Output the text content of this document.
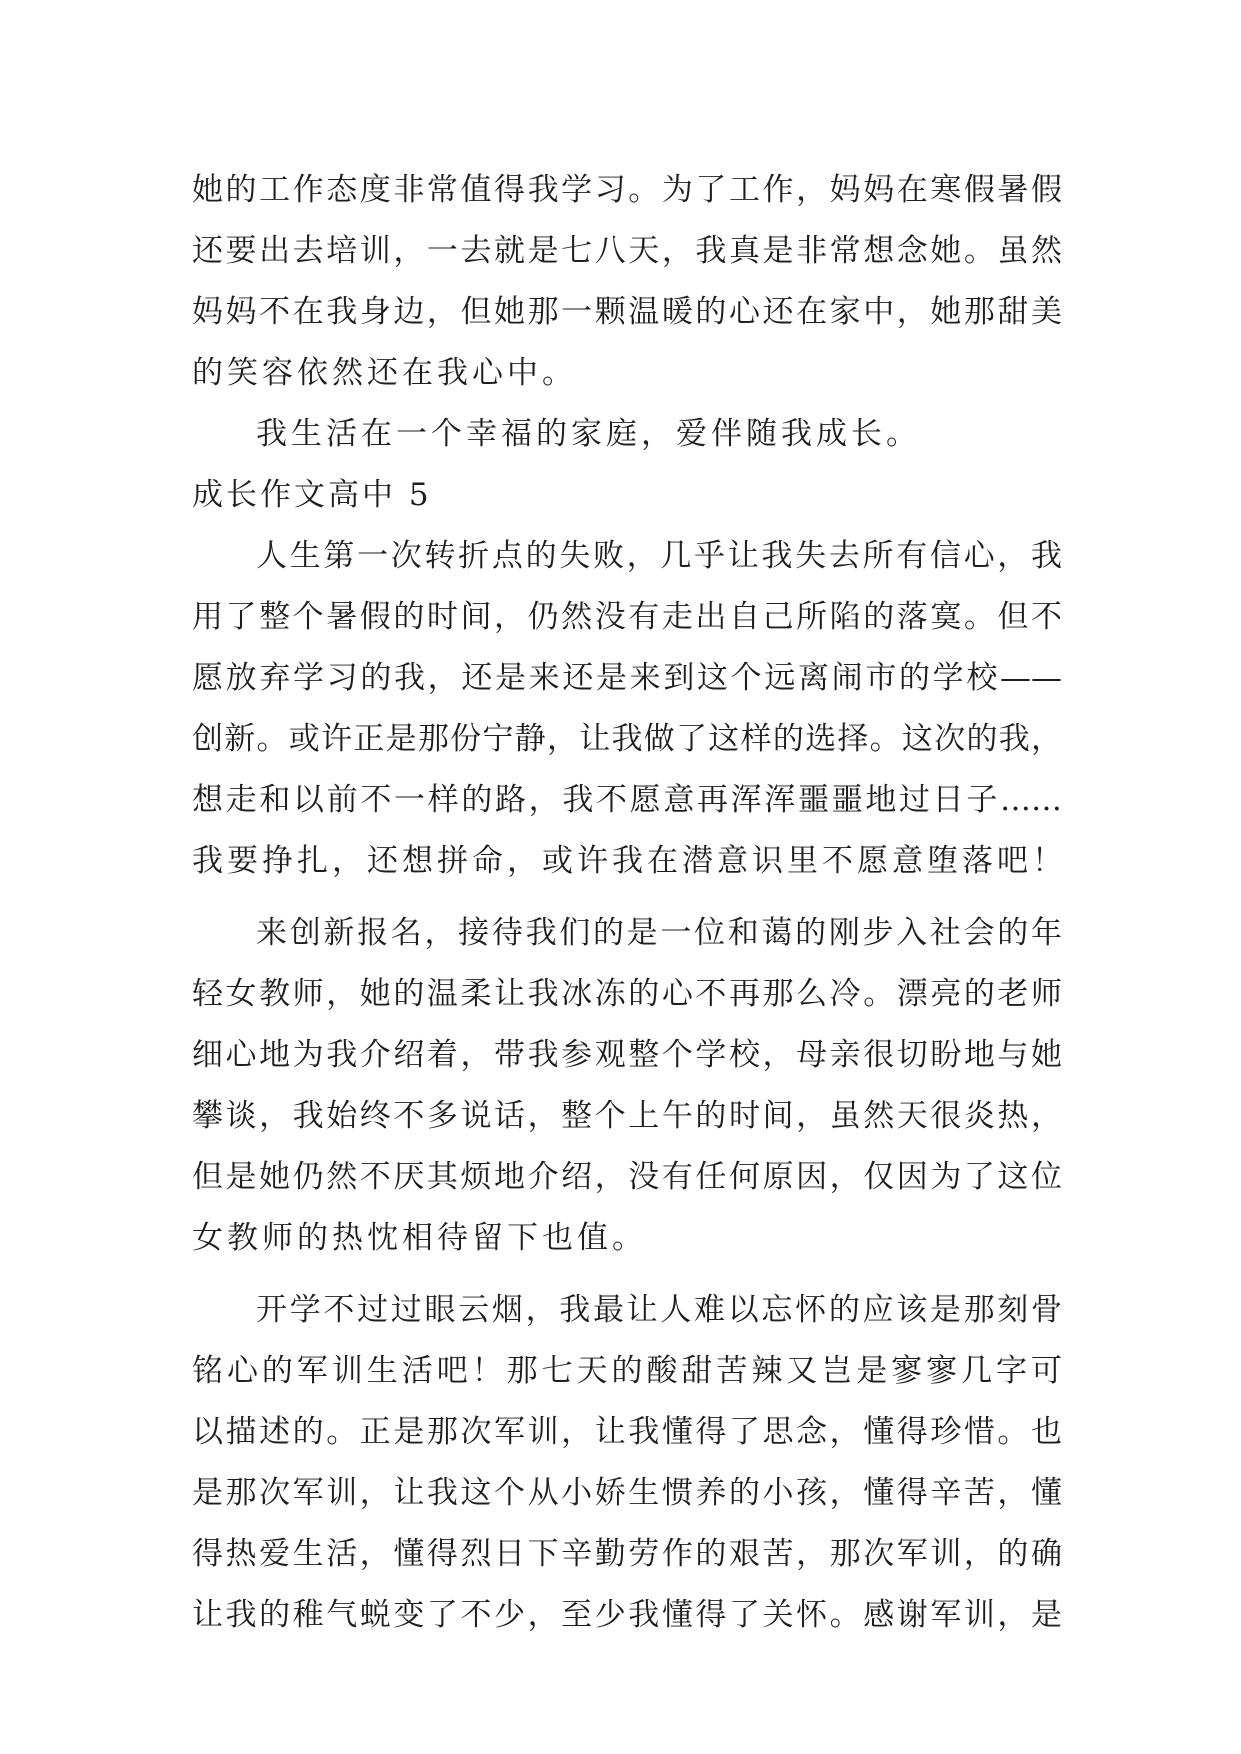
她的工作态度非常值得我学习。为了工作，妈妈在寒假暑假
还要出去培训，一去就是七八天，我真是非常想念她。虽然
妈妈不在我身边，但她那一颗温暖的心还在家中，她那甜美
的笑容依然还在我心中。
我生活在一个幸福的家庭，爱伴随我成长。
成长作文高中 5
人生第一次转折点的失败，几乎让我失去所有信心，我
用了整个暑假的时间，仍然没有走出自己所陷的落寞。但不
愿放弃学习的我，还是来还是来到这个远离闹市的学校——
创新。或许正是那份宁静，让我做了这样的选择。这次的我，
想走和以前不一样的路，我不愿意再浑浑噩噩地过日子……
我要挣扎，还想拼命，或许我在潜意识里不愿意堕落吧！
来创新报名，接待我们的是一位和蔼的刚步入社会的年
轻女教师，她的温柔让我冰冻的心不再那么冷。漂亮的老师
细心地为我介绍着，带我参观整个学校，母亲很切盼地与她
攀谈，我始终不多说话，整个上午的时间，虽然天很炎热，
但是她仍然不厌其烦地介绍，没有任何原因，仅因为了这位
女教师的热忱相待留下也值。
开学不过过眼云烟，我最让人难以忘怀的应该是那刻骨
铭心的军训生活吧！那七天的酸甜苦辣又岂是寥寥几字可
以描述的。正是那次军训，让我懂得了思念，懂得珍惜。也
是那次军训，让我这个从小娇生惯养的小孩，懂得辛苦，懂
得热爱生活，懂得烈日下辛勤劳作的艰苦，那次军训，的确
让我的稚气蜕变了不少，至少我懂得了关怀。感谢军训，是
